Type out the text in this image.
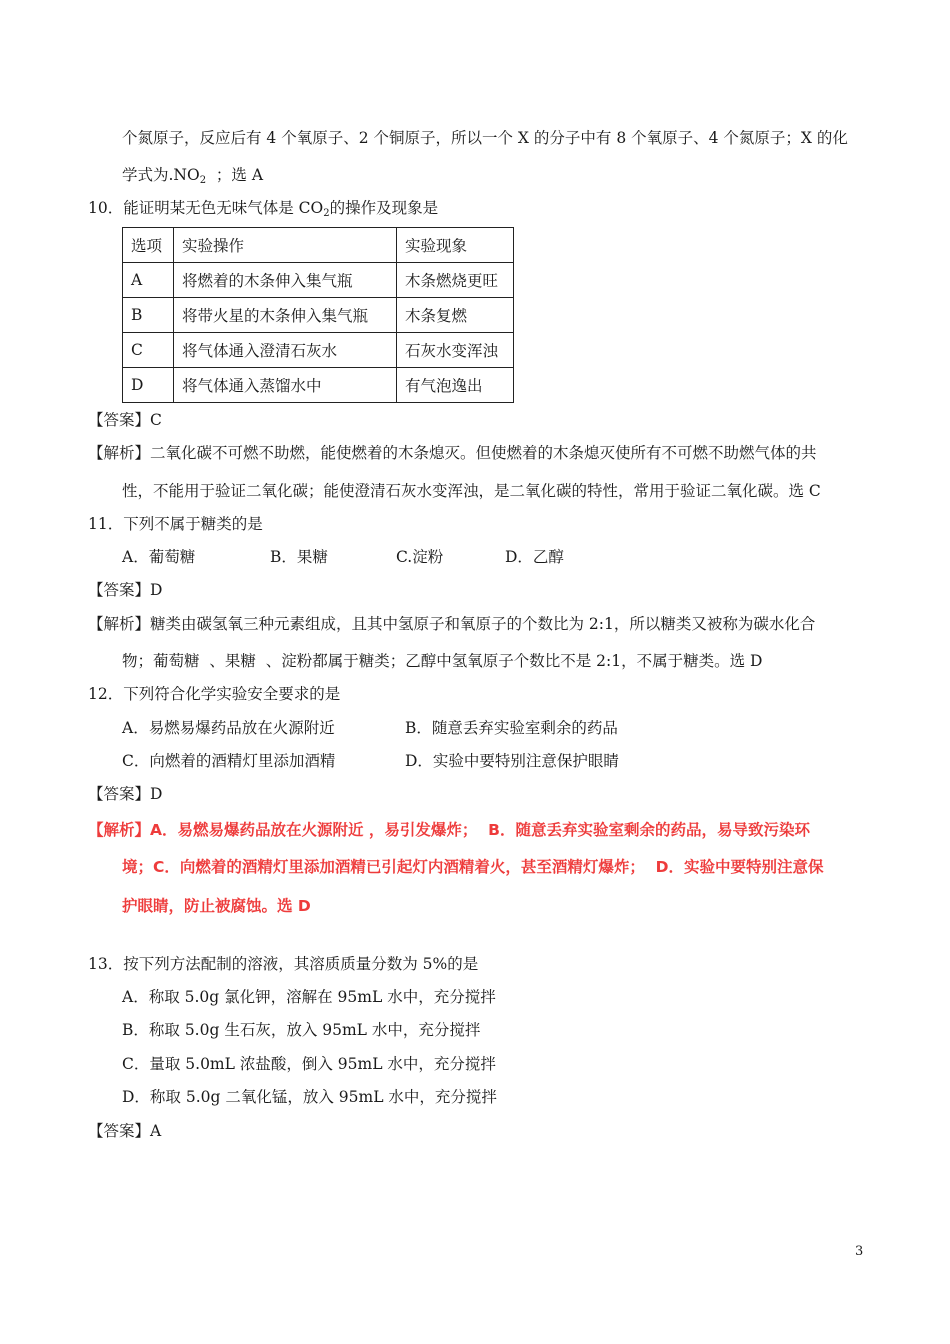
个氮原子，反应后有 4 个氧原子、2 个铜原子，所以一个 X 的分子中有 8 个氧原子、4 个氮原子；X 的化
学式为$.NO_2$  ；选 A
10．能证明某无色无味气体是 $CO_2$的操作及现象是
选项	实验操作	实验现象
A	将燃着的木条伸入集气瓶	木条燃烧更旺
B	将带火星的木条伸入集气瓶	木条复燃
C	将气体通入澄清石灰水	石灰水变浑浊
D	将气体通入蒸馏水中	有气泡逸出
【答案】C
【解析】二氧化碳不可燃不助燃，能使燃着的木条熄灭。但使燃着的木条熄灭使所有不可燃不助燃气体的共
性，不能用于验证二氧化碳；能使澄清石灰水变浑浊，是二氧化碳的特性，常用于验证二氧化碳。选 C
11．下列不属于糖类的是
A．葡萄糖	B．果糖	C.淀粉	D．乙醇
【答案】D
【解析】糖类由碳氢氧三种元素组成，且其中氢原子和氧原子的个数比为 2:1，所以糖类又被称为碳水化合
物；葡萄糖  、果糖  、淀粉都属于糖类；乙醇中氢氧原子个数比不是 2:1，不属于糖类。选 D
12．下列符合化学实验安全要求的是
A．易燃易爆药品放在火源附近	B．随意丢弃实验室剩余的药品
C．向燃着的酒精灯里添加酒精	D．实验中要特别注意保护眼睛
【答案】D
【解析】A．易燃易爆药品放在火源附近 ，易引发爆炸；  B．随意丢弃实验室剩余的药品，易导致污染环
境；C．向燃着的酒精灯里添加酒精已引起灯内酒精着火，甚至酒精灯爆炸；  D．实验中要特别注意保
护眼睛，防止被腐蚀。选 D
13．按下列方法配制的溶液，其溶质质量分数为 5%的是
A．称取 5.0g 氯化钾，溶解在 95mL 水中，充分搅拌
B．称取 5.0g 生石灰，放入 95mL 水中，充分搅拌
C．量取 5.0mL 浓盐酸，倒入 95mL 水中，充分搅拌
D．称取 5.0g 二氧化锰，放入 95mL 水中，充分搅拌
【答案】A
3
